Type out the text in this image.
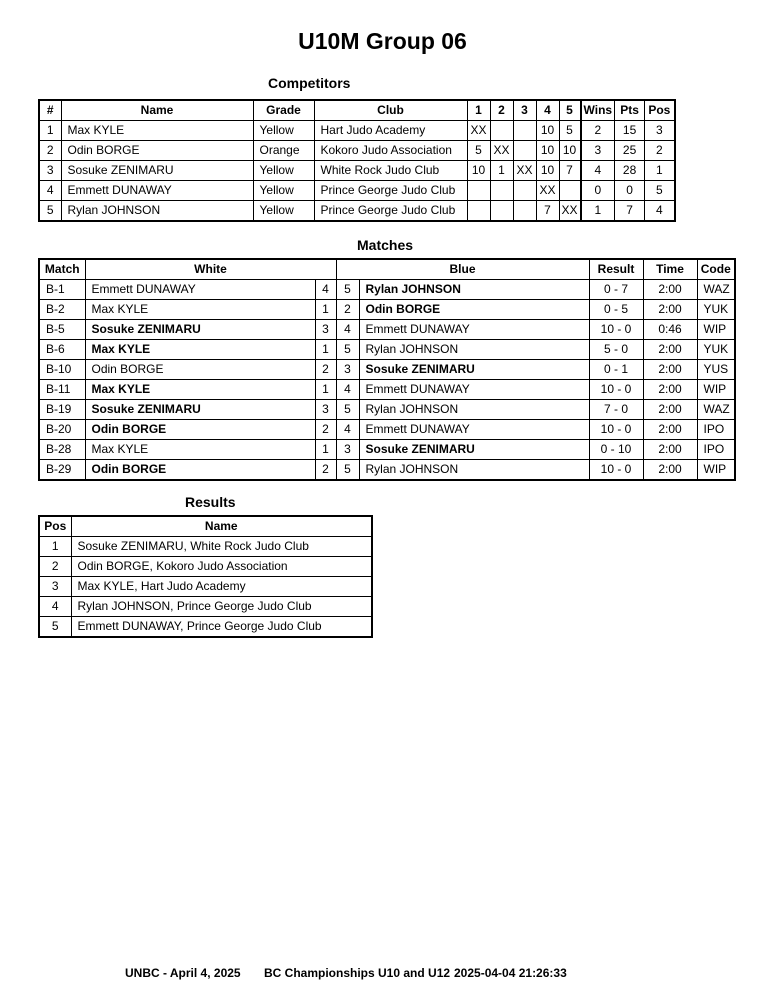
U10M Group 06
Competitors
#	Name	Grade	Club	1	2	3	4	5	Wins	Pts	Pos
1	Max KYLE	Yellow	Hart Judo Academy	XX			10	5	2	15	3
2	Odin BORGE	Orange	Kokoro Judo Association	5	XX		10	10	3	25	2
3	Sosuke ZENIMARU	Yellow	White Rock Judo Club	10	1	XX	10	7	4	28	1
4	Emmett DUNAWAY	Yellow	Prince George Judo Club				XX		0	0	5
5	Rylan JOHNSON	Yellow	Prince George Judo Club				7	XX	1	7	4
Matches
Match	White		Blue		Result	Time	Code
B-1	Emmett DUNAWAY	4	5	Rylan JOHNSON	0 - 7	2:00	WAZ
B-2	Max KYLE	1	2	Odin BORGE	0 - 5	2:00	YUK
B-5	Sosuke ZENIMARU	3	4	Emmett DUNAWAY	10 - 0	0:46	WIP
B-6	Max KYLE	1	5	Rylan JOHNSON	5 - 0	2:00	YUK
B-10	Odin BORGE	2	3	Sosuke ZENIMARU	0 - 1	2:00	YUS
B-11	Max KYLE	1	4	Emmett DUNAWAY	10 - 0	2:00	WIP
B-19	Sosuke ZENIMARU	3	5	Rylan JOHNSON	7 - 0	2:00	WAZ
B-20	Odin BORGE	2	4	Emmett DUNAWAY	10 - 0	2:00	IPO
B-28	Max KYLE	1	3	Sosuke ZENIMARU	0 - 10	2:00	IPO
B-29	Odin BORGE	2	5	Rylan JOHNSON	10 - 0	2:00	WIP
Results
Pos	Name
1	Sosuke ZENIMARU, White Rock Judo Club
2	Odin BORGE, Kokoro Judo Association
3	Max KYLE, Hart Judo Academy
4	Rylan JOHNSON, Prince George Judo Club
5	Emmett DUNAWAY, Prince George Judo Club
UNBC - April 4, 2025 BC Championships U10 and U12 2025-04-04 21:26:33
